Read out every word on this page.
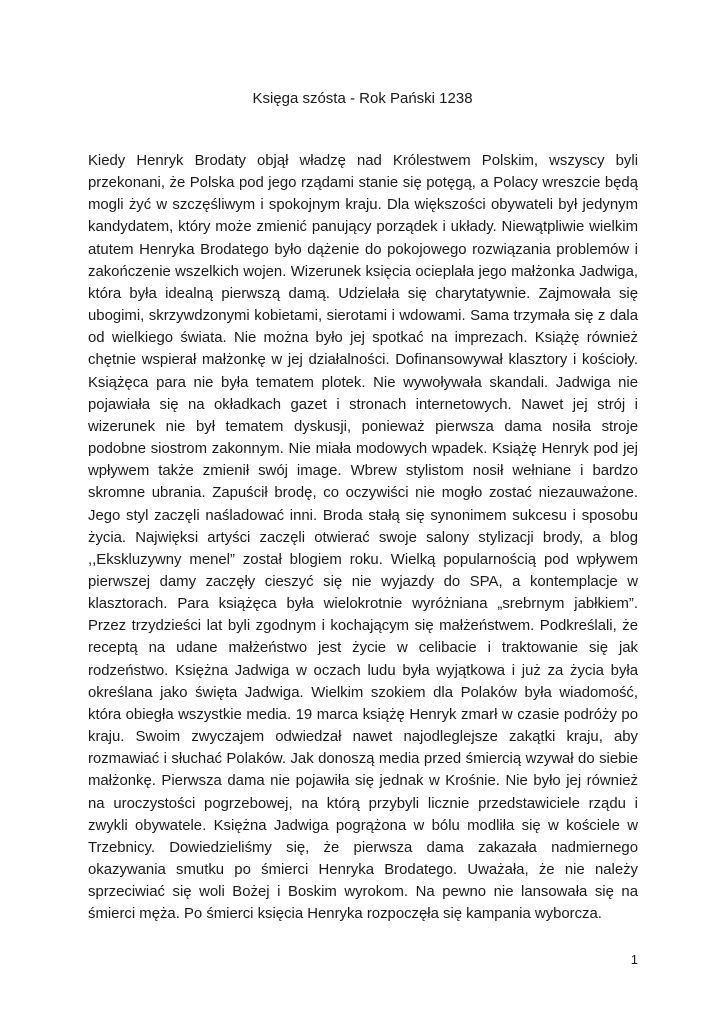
Księga szósta - Rok Pański 1238

Kiedy Henryk Brodaty objął władzę nad Królestwem Polskim, wszyscy byli przekonani, że Polska pod jego rządami stanie się potęgą, a Polacy wreszcie będą mogli żyć w szczęśliwym i spokojnym kraju. Dla większości obywateli był jedynym kandydatem, który może zmienić panujący porządek i układy. Niewątpliwie wielkim atutem Henryka Brodatego było dążenie do pokojowego rozwiązania problemów i zakończenie wszelkich wojen. Wizerunek księcia ocieplała jego małżonka Jadwiga, która była idealną pierwszą damą. Udzielała się charytatywnie. Zajmowała się ubogimi, skrzywdzonymi kobietami, sierotami i wdowami. Sama trzymała się z dala od wielkiego świata. Nie można było jej spotkać na imprezach. Książę również chętnie wspierał małżonkę w jej działalności. Dofinansowywał klasztory i kościoły. Książęca para nie była tematem plotek. Nie wywoływała skandali. Jadwiga nie pojawiała się na okładkach gazet i stronach internetowych. Nawet jej strój i wizerunek nie był tematem dyskusji, ponieważ pierwsza dama nosiła stroje podobne siostrom zakonnym. Nie miała modowych wpadek. Książę Henryk pod jej wpływem także zmienił swój image. Wbrew stylistom nosił wełniane i bardzo skromne ubrania. Zapuścił brodę, co oczywiści nie mogło zostać niezauważone. Jego styl zaczęli naśladować inni. Broda stałą się synonimem sukcesu i sposobu życia. Najwięksi artyści zaczęli otwierać swoje salony stylizacji brody, a blog ,,Ekskluzywny menel” został blogiem roku. Wielką popularnością pod wpływem pierwszej damy zaczęły cieszyć się nie wyjazdy do SPA, a kontemplacje w klasztorach. Para książęca była wielokrotnie wyróżniana „srebrnym jabłkiem”. Przez trzydzieści lat byli zgodnym i kochającym się małżeństwem. Podkreślali, że receptą na udane małżeństwo jest życie w celibacie i traktowanie się jak rodzeństwo. Księżna Jadwiga w oczach ludu była wyjątkowa i już za życia była określana jako święta Jadwiga. Wielkim szokiem dla Polaków była wiadomość, która obiegła wszystkie media. 19 marca książę Henryk zmarł w czasie podróży po kraju. Swoim zwyczajem odwiedzał nawet najodleglejsze zakątki kraju, aby rozmawiać i słuchać Polaków. Jak donoszą media przed śmiercią wzywał do siebie małżonkę. Pierwsza dama nie pojawiła się jednak w Krośnie. Nie było jej również na uroczystości pogrzebowej, na którą przybyli licznie przedstawiciele rządu i zwykli obywatele. Księżna Jadwiga pogrążona w bólu modliła się w kościele w Trzebnicy. Dowiedzieliśmy się, że pierwsza dama zakazała nadmiernego okazywania smutku po śmierci Henryka Brodatego. Uważała, że nie należy sprzeciwiać się woli Bożej i Boskim wyrokom. Na pewno nie lansowała się na śmierci męża. Po śmierci księcia Henryka rozpoczęła się kampania wyborcza.

1
